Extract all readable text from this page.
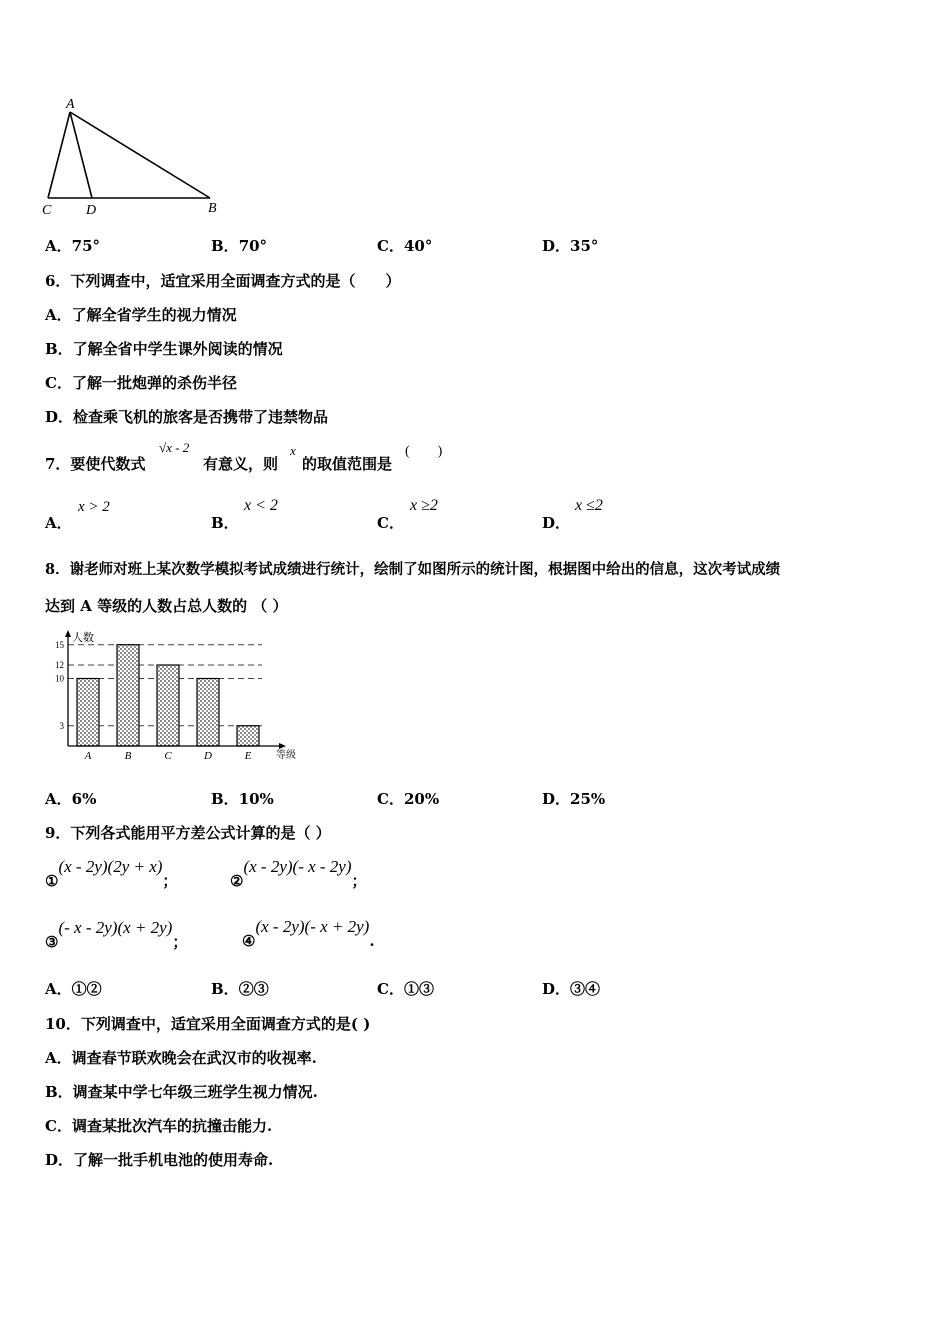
A
C D	B
A．75°	B．70°	C．40°	D．35°
6．下列调查中，适宜采用全面调查方式的是（　　）
A．了解全省学生的视力情况
B．了解全省中学生课外阅读的情况
C．了解一批炮弹的杀伤半径
D．检查乘飞机的旅客是否携带了违禁物品
7．要使代数式
√x - 2
有意义，则
x
的取值范围是
(　　)
A．
x > 2
B．
x < 2
C．
x ≥2
D．
x ≤2
8．谢老师对班上某次数学模拟考试成绩进行统计，绘制了如图所示的统计图，根据图中给出的信息，这次考试成绩
达到 A 等级的人数占总人数的 （ ）
人数
等级
3
10
12
15
A	B	C	D	E
A．6%	B．10%	C．20%	D．25%
9．下列各式能用平方差公式计算的是（ ）
①(x - 2y)(2y + x)；	②(x - 2y)(- x - 2y)；
③(- x - 2y)(x + 2y)；	④(x - 2y)(- x + 2y).
A．①②	B．②③	C．①③	D．③④
10．下列调查中，适宜采用全面调查方式的是( )
A．调查春节联欢晚会在武汉市的收视率.
B．调查某中学七年级三班学生视力情况.
C．调查某批次汽车的抗撞击能力.
D．了解一批手机电池的使用寿命.
